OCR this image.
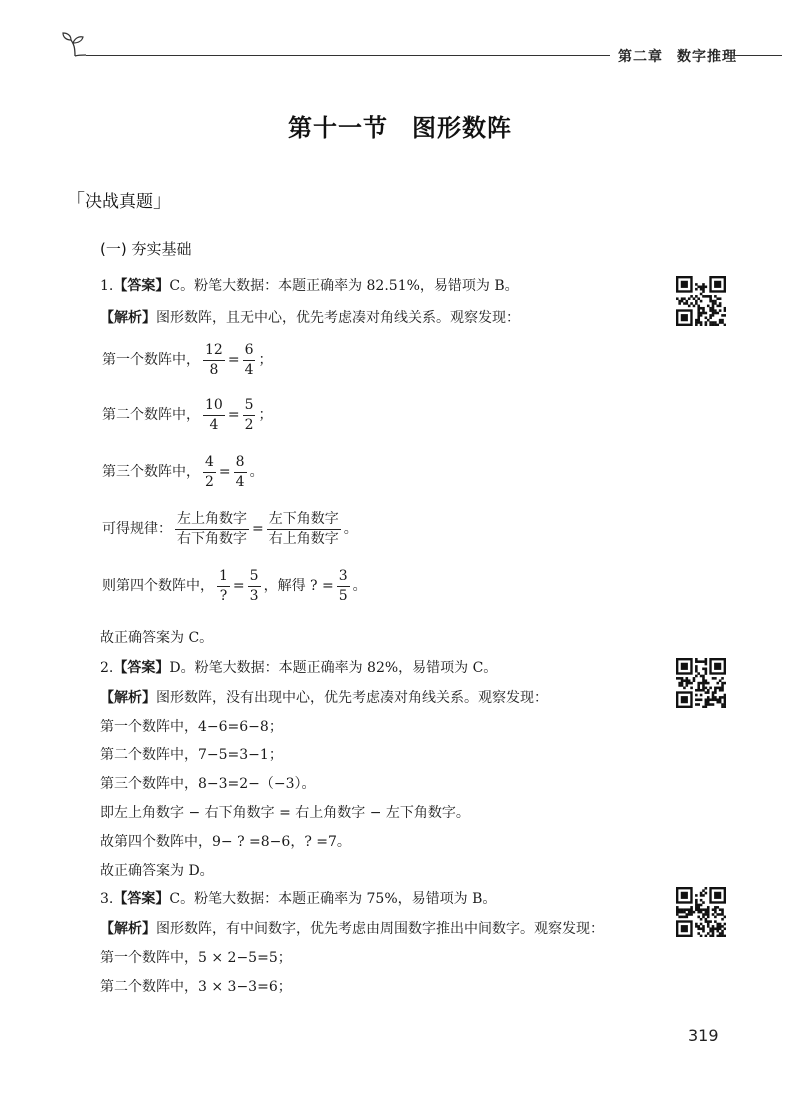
第二章 数字推理
第十一节 图形数阵
「决战真题」
(一) 夯实基础
1.【答案】C。粉笔大数据：本题正确率为 82.51%，易错项为 B。
【解析】图形数阵，且无中心，优先考虑凑对角线关系。观察发现：
第一个数阵中， $\frac{12}{8} = \frac{6}{4}$ ；
第二个数阵中， $\frac{10}{4} = \frac{5}{2}$ ；
第三个数阵中， $\frac{4}{2} = \frac{8}{4}$ 。
可得规律： $\frac{\text{左上角数字}}{\text{右下角数字}} = \frac{\text{左下角数字}}{\text{右上角数字}}$ 。
则第四个数阵中， $\frac{1}{?} = \frac{5}{3}$ ，解得 ? = $\frac{3}{5}$ 。
故正确答案为 C。
2.【答案】D。粉笔大数据：本题正确率为 82%，易错项为 C。
【解析】图形数阵，没有出现中心，优先考虑凑对角线关系。观察发现：
第一个数阵中，4−6=6−8；
第二个数阵中，7−5=3−1；
第三个数阵中，8−3=2−（−3）。
即左上角数字 − 右下角数字 = 右上角数字 − 左下角数字。
故第四个数阵中，9− ? =8−6，? =7。
故正确答案为 D。
3.【答案】C。粉笔大数据：本题正确率为 75%，易错项为 B。
【解析】图形数阵，有中间数字，优先考虑由周围数字推出中间数字。观察发现：
第一个数阵中，5 × 2−5=5；
第二个数阵中，3 × 3−3=6；
319
